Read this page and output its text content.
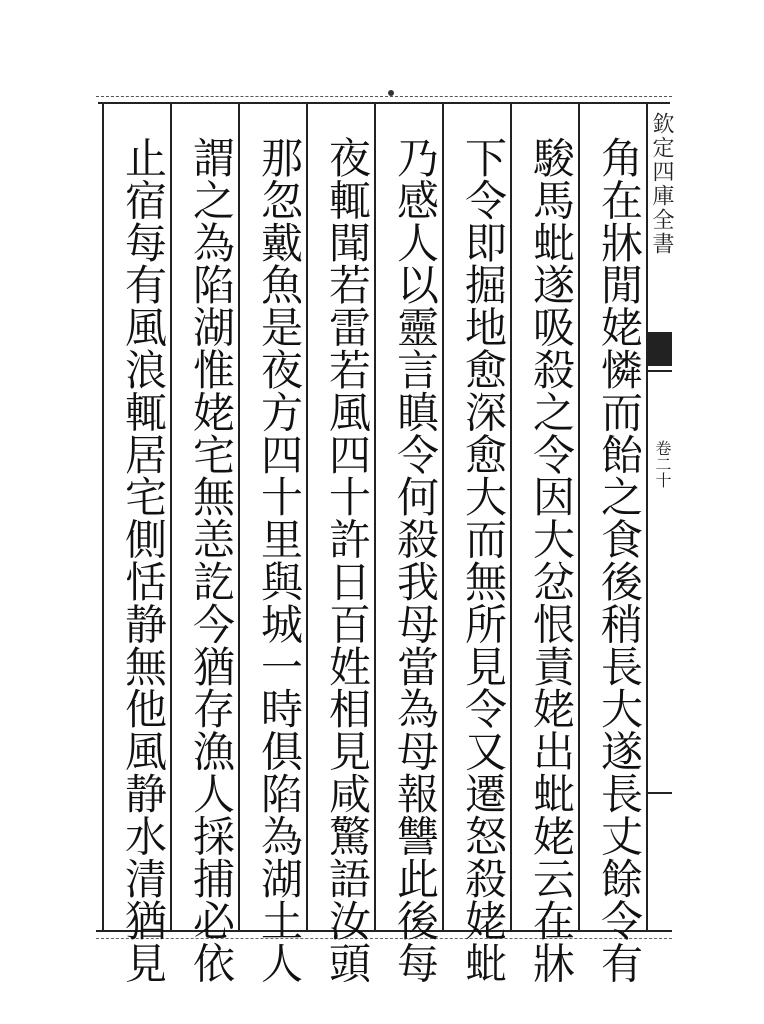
角在牀閒姥憐而飴之食後稍長大遂長丈餘令有
駿馬蚍遂吸殺之令因大忿恨責姥出蚍姥云在牀
下令即掘地愈深愈大而無所見令又遷怒殺姥蚍
乃感人以靈言瞋令何殺我母當為母報讐此後每
夜輒聞若雷若風四十許日百姓相見咸驚語汝頭
那忽戴魚是夜方四十里與城一時俱陷為湖土人
謂之為陷湖惟姥宅無恙訖今猶存漁人採捕必依
止宿每有風浪輒居宅側恬静無他風静水清猶見	欽定四庫全書
卷二十
